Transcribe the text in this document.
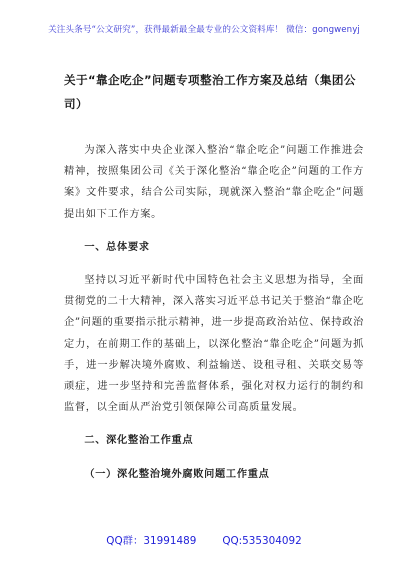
关注头条号“公文研究”，获得最新最全最专业的公文资料库！ 微信：gongwenyj
关于“靠企吃企”问题专项整治工作方案及总结（集团公司）

为深入落实中央企业深入整治“靠企吃企”问题工作推进会精神，按照集团公司《关于深化整治“靠企吃企”问题的工作方案》文件要求，结合公司实际，现就深入整治“靠企吃企”问题提出如下工作方案。

一、总体要求

坚持以习近平新时代中国特色社会主义思想为指导，全面贯彻党的二十大精神，深入落实习近平总书记关于整治“靠企吃企”问题的重要指示批示精神，进一步提高政治站位、保持政治定力，在前期工作的基础上，以深化整治“靠企吃企”问题为抓手，进一步解决境外腐败、利益输送、设租寻租、关联交易等顽症，进一步坚持和完善监督体系，强化对权力运行的制约和监督，以全面从严治党引领保障公司高质量发展。

二、深化整治工作重点

（一）深化整治境外腐败问题工作重点

QQ群：31991489	QQ:535304092
